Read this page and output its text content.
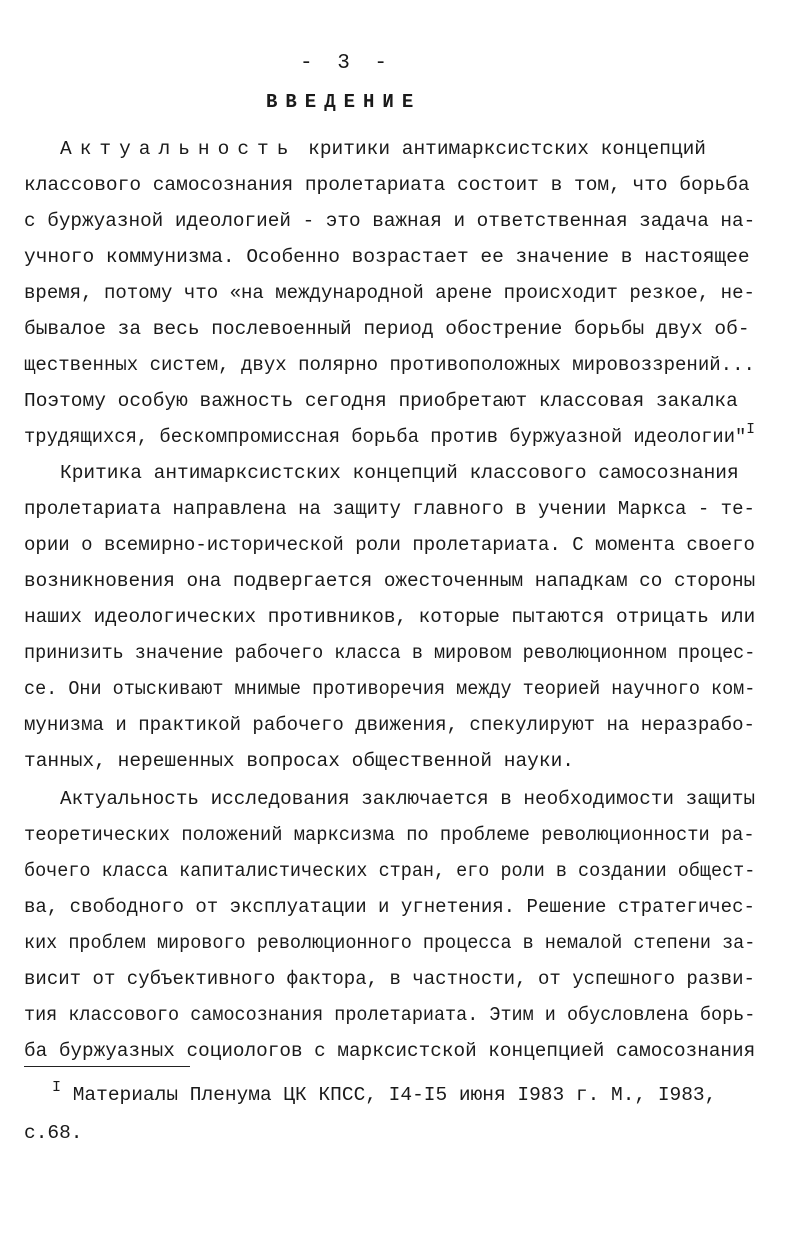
- 3 -
ВВЕДЕНИЕ
Актуальность критики антимарксистских концепций
классового самосознания пролетариата состоит в том, что борьба
с буржуазной идеологией - это важная и ответственная задача на-
учного коммунизма. Особенно возрастает ее значение в настоящее
время, потому что «на международной арене происходит резкое, не-
бывалое за весь послевоенный период обострение борьбы двух об-
щественных систем, двух полярно противоположных мировоззрений...
Поэтому особую важность сегодня приобретают классовая закалка
трудящихся, бескомпромиссная борьба против буржуазной идеологии"$^I$
Критика антимарксистских концепций классового самосознания
пролетариата направлена на защиту главного в учении Маркса - те-
ории о всемирно-исторической роли пролетариата. С момента своего
возникновения она подвергается ожесточенным нападкам со стороны
наших идеологических противников, которые пытаются отрицать или
принизить значение рабочего класса в мировом революционном процес-
се. Они отыскивают мнимые противоречия между теорией научного ком-
мунизма и практикой рабочего движения, спекулируют на неразрабо-
танных, нерешенных вопросах общественной науки.
Актуальность исследования заключается в необходимости защиты
теоретических положений марксизма по проблеме революционности ра-
бочего класса капиталистических стран, его роли в создании общест-
ва, свободного от эксплуатации и угнетения. Решение стратегичес-
ких проблем мирового революционного процесса в немалой степени за-
висит от субъективного фактора, в частности, от успешного разви-
тия классового самосознания пролетариата. Этим и обусловлена борь-
ба буржуазных социологов с марксистской концепцией самосознания
$^I$ Материалы Пленума ЦК КПСС, I4-I5 июня I983 г. М., I983,
с.68.
